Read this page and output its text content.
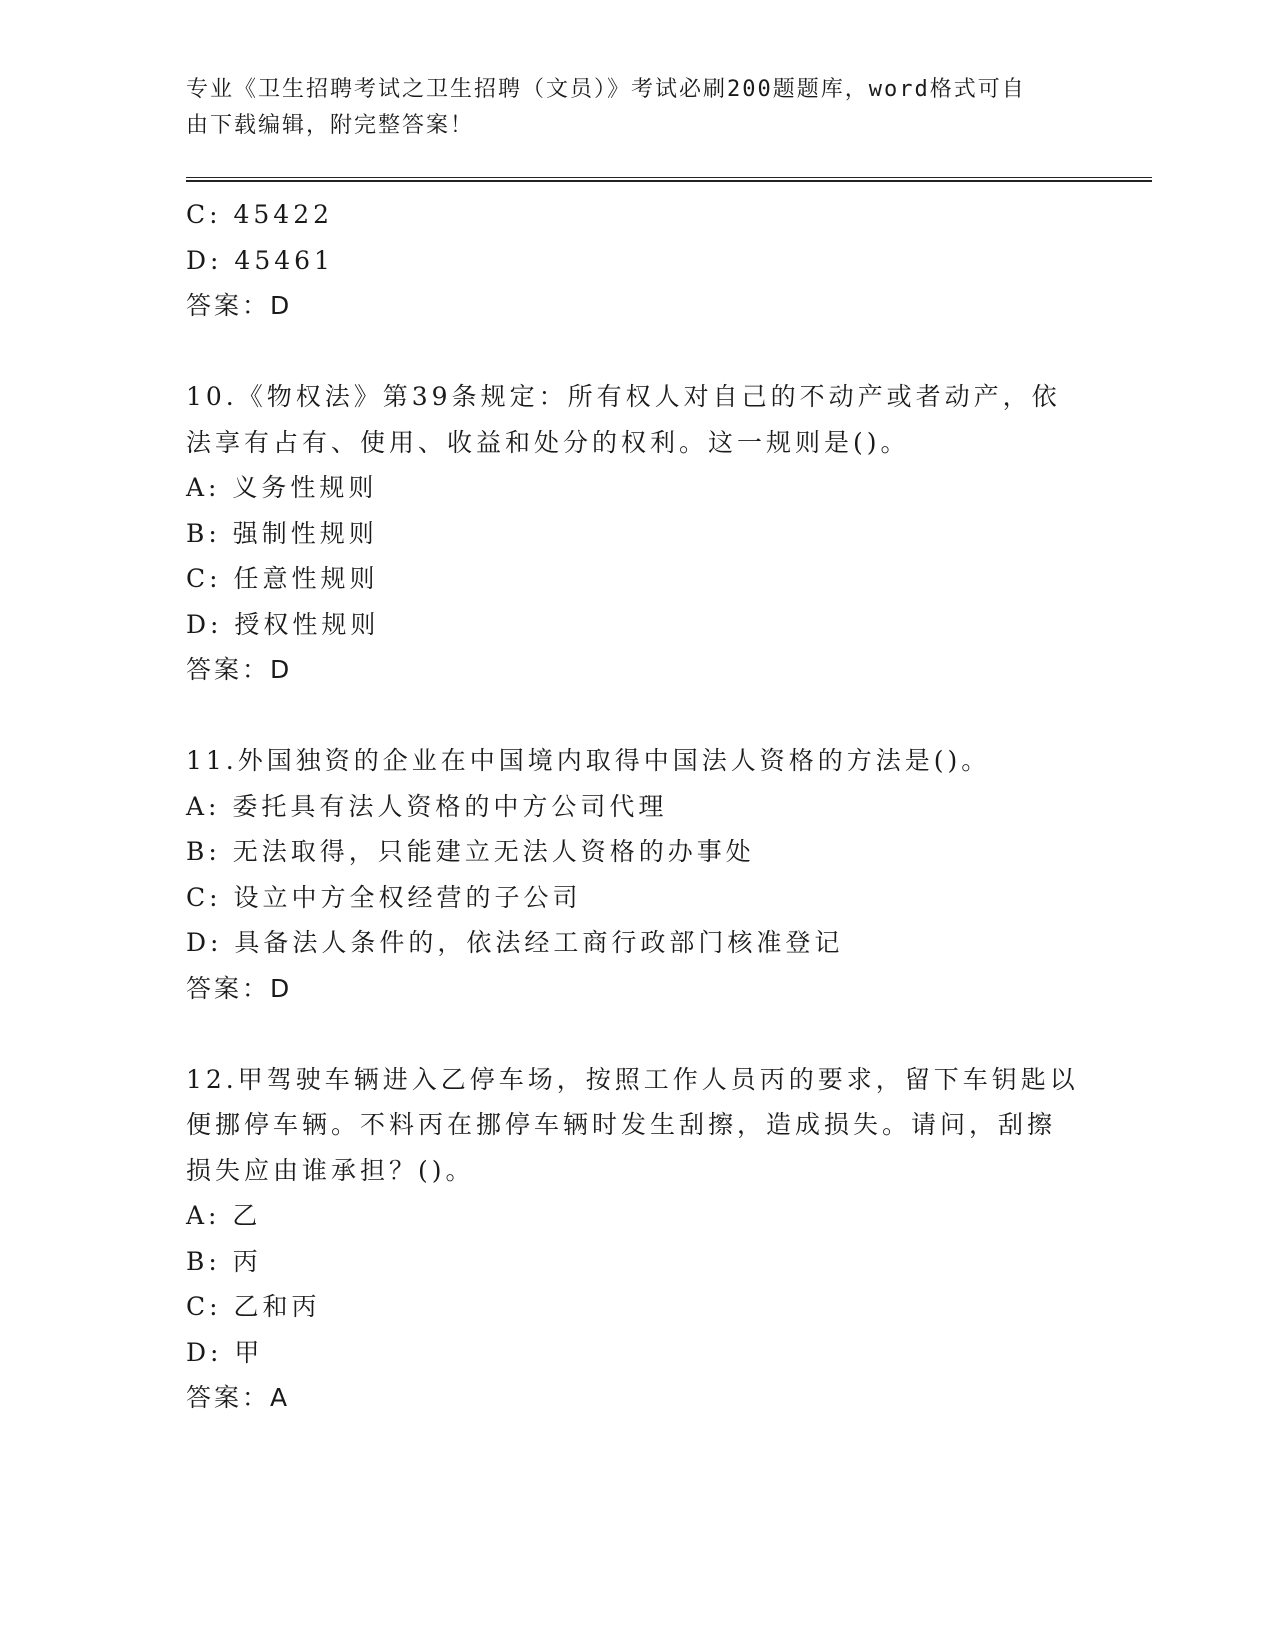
专业《卫生招聘考试之卫生招聘（文员）》考试必刷200题题库，word格式可自
由下载编辑，附完整答案！
C: 45422
D: 45461
答案：D
10.《物权法》第39条规定：所有权人对自己的不动产或者动产，依
法享有占有、使用、收益和处分的权利。这一规则是()。
A: 义务性规则
B: 强制性规则
C: 任意性规则
D: 授权性规则
答案：D
11.外国独资的企业在中国境内取得中国法人资格的方法是()。
A: 委托具有法人资格的中方公司代理
B: 无法取得，只能建立无法人资格的办事处
C: 设立中方全权经营的子公司
D: 具备法人条件的，依法经工商行政部门核准登记
答案：D
12.甲驾驶车辆进入乙停车场，按照工作人员丙的要求，留下车钥匙以
便挪停车辆。不料丙在挪停车辆时发生刮擦，造成损失。请问，刮擦
损失应由谁承担？()。
A: 乙
B: 丙
C: 乙和丙
D: 甲
答案：A
